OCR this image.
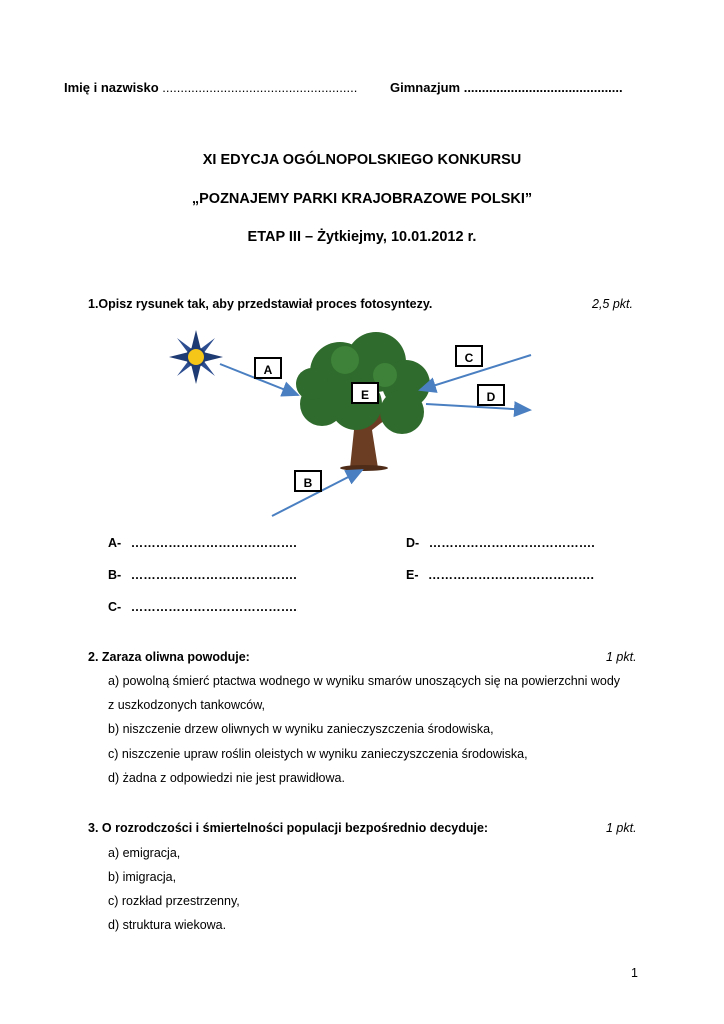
Imię i nazwisko ......................................................	Gimnazjum ............................................
XI EDYCJA OGÓLNOPOLSKIEGO KONKURSU
„POZNAJEMY PARKI KRAJOBRAZOWE POLSKI”
ETAP III – Żytkiejmy, 10.01.2012 r.
1.Opisz rysunek tak, aby przedstawiał proces fotosyntezy.	2,5 pkt.
A
C
E	D
B
A- ………………………………….	D- ………………………………….
B- ………………………………….	E- ………………………………….
C- ………………………………….
2. Zaraza oliwna powoduje:	1 pkt.
a) powolną śmierć ptactwa wodnego w wyniku smarów unoszących się na powierzchni wody
z uszkodzonych tankowców,
b) niszczenie drzew oliwnych w wyniku zanieczyszczenia środowiska,
c) niszczenie upraw roślin oleistych w wyniku zanieczyszczenia środowiska,
d) żadna z odpowiedzi nie jest prawidłowa.
3. O rozrodczości i śmiertelności populacji bezpośrednio decyduje:	1 pkt.
a) emigracja,
b) imigracja,
c) rozkład przestrzenny,
d) struktura wiekowa.
1
